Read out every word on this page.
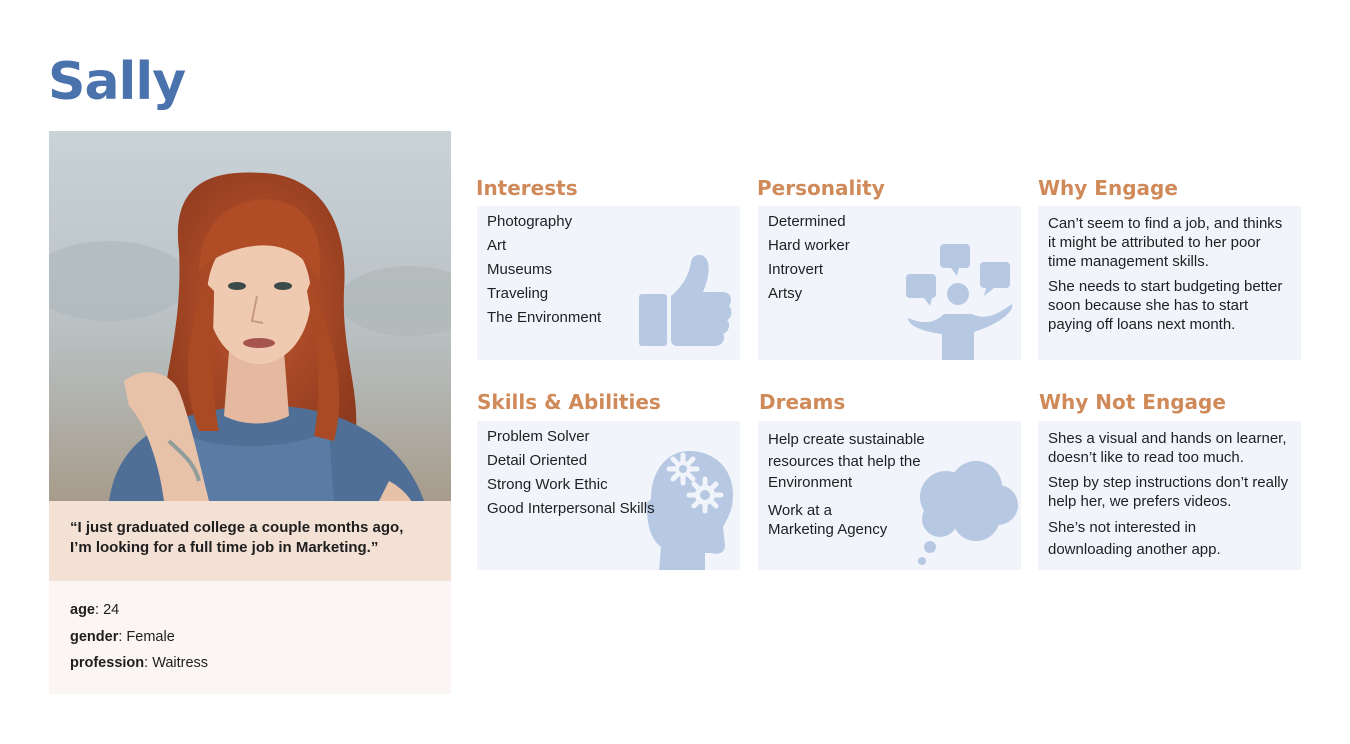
Sally
“I just graduated college a couple months ago,
I’m looking for a full time job in Marketing.”
age: 24
gender: Female
profession: Waitress
Interests
Photography
Art
Museums
Traveling
The Environment
Personality
Determined
Hard worker
Introvert
Artsy
Why Engage
Can’t seem to find a job, and thinks it might be attributed to her poor time management skills.
She needs to start budgeting better soon because she has to start paying off loans next month.
Skills & Abilities
Problem Solver
Detail Oriented
Strong Work Ethic
Good Interpersonal Skills
Dreams
Help create sustainable resources that help the Environment
Work at a Marketing Agency
Why Not Engage
Shes a visual and hands on learner, doesn’t like to read too much.
Step by step instructions don’t really help her, we prefers videos.
She’s not interested in downloading another app.
